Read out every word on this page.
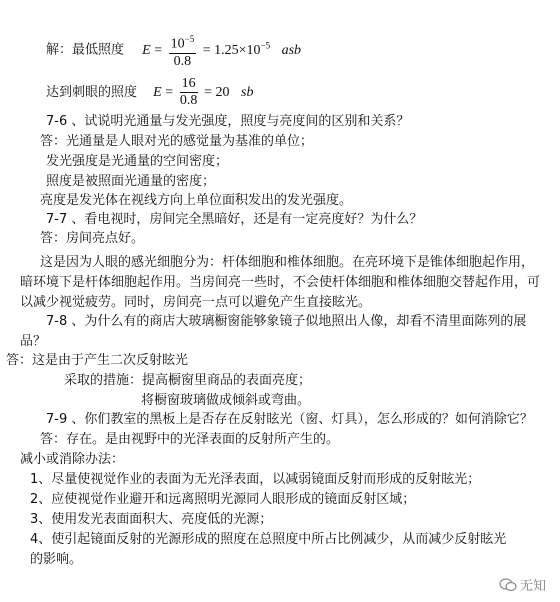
解：最低照度 $E = \frac{10^{-5}}{0.8} = 1.25\times 10^{-5}$ asb
达到刺眼的照度 $E = \frac{16}{0.8} = 20$ sb
7-6 、试说明光通量与发光强度，照度与亮度间的区别和关系？
答：光通量是人眼对光的感觉量为基准的单位；
发光强度是光通量的空间密度；
照度是被照面光通量的密度；
亮度是发光体在视线方向上单位面积发出的发光强度。
7-7 、看电视时，房间完全黑暗好，还是有一定亮度好？为什么？
答：房间亮点好。
这是因为人眼的感光细胞分为：杆体细胞和椎体细胞。在亮环境下是锥体细胞起作用，
暗环境下是杆体细胞起作用。当房间亮一些时，不会使杆体细胞和椎体细胞交替起作用，可
以减少视觉疲劳。同时，房间亮一点可以避免产生直接眩光。
7-8 、为什么有的商店大玻璃橱窗能够象镜子似地照出人像，却看不清里面陈列的展
品？
答：这是由于产生二次反射眩光
采取的措施：提高橱窗里商品的表面亮度；
将橱窗玻璃做成倾斜或弯曲。
7-9 、你们教室的黑板上是否存在反射眩光（窗、灯具），怎么形成的？如何消除它？
答：存在。是由视野中的光泽表面的反射所产生的。
减小或消除办法：
1、尽量使视觉作业的表面为无光泽表面，以减弱镜面反射而形成的反射眩光；
2、应使视觉作业避开和远离照明光源同人眼形成的镜面反射区域；
3、使用发光表面面积大、亮度低的光源；
4、使引起镜面反射的光源形成的照度在总照度中所占比例减少，从而减少反射眩光
的影响。
无知
